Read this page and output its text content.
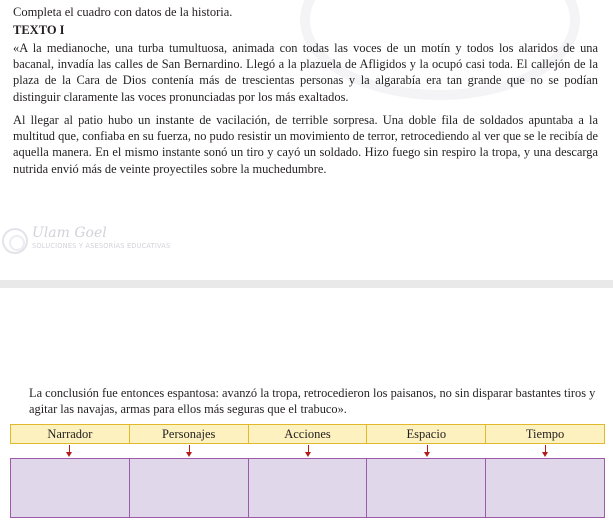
Completa el cuadro con datos de la historia.
TEXTO I
«A la medianoche, una turba tumultuosa, animada con todas las voces de un motín y todos los alaridos de una bacanal, invadía las calles de San Bernardino. Llegó a la plazuela de Afligidos y la ocupó casi toda. El callejón de la plaza de la Cara de Dios contenía más de trescientas personas y la algarabía era tan grande que no se podían distinguir claramente las voces pronunciadas por los más exaltados.
Al llegar al patio hubo un instante de vacilación, de terrible sorpresa. Una doble fila de soldados apuntaba a la multitud que, confiaba en su fuerza, no pudo resistir un movimiento de terror, retrocediendo al ver que se le recibía de aquella manera. En el mismo instante sonó un tiro y cayó un soldado. Hizo fuego sin respiro la tropa, y una descarga nutrida envió más de veinte proyectiles sobre la muchedumbre.
Ulam Goel
SOLUCIONES Y ASESORÍAS EDUCATIVAS
La conclusión fue entonces espantosa: avanzó la tropa, retrocedieron los paisanos, no sin disparar bastantes tiros y agitar las navajas, armas para ellos más seguras que el trabuco».
Narrador	Personajes	Acciones	Espacio	Tiempo
